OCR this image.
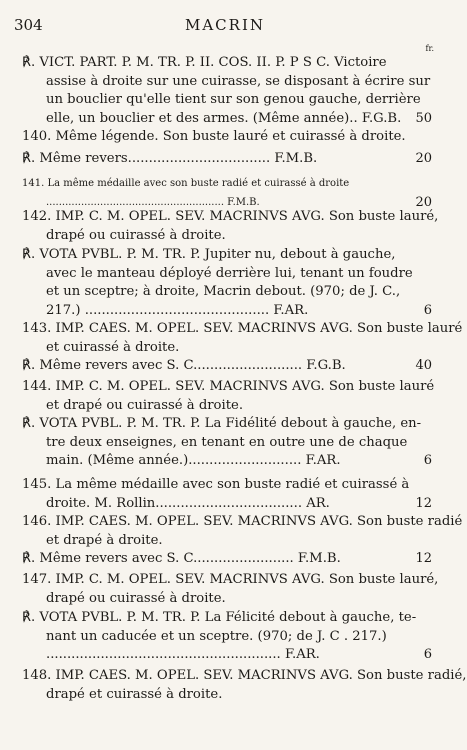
304	MACRIN
fr.
℟. VICT. PART. P. M. TR. P. II. COS. II. P. P S C. Victoire
assise à droite sur une cuirasse, se disposant à écrire sur
un bouclier qu'elle tient sur son genou gauche, derrière
elle, un bouclier et des armes. (Même année).. F.G.B. 50
140. Même légende. Son buste lauré et cuirassé à droite.
℟. Même revers.................................. F.M.B.	20
141. La même médaille avec son buste radié et cuirassé à droite
........................................................ F.M.B.	20
142. IMP. C. M. OPEL. SEV. MACRINVS AVG. Son buste lauré,
drapé ou cuirassé à droite.
℟. VOTA PVBL. P. M. TR. P. Jupiter nu, debout à gauche,
avec le manteau déployé derrière lui, tenant un foudre
et un sceptre; à droite, Macrin debout. (970; de J. C.,
217.) ............................................ F.AR.	6
143. IMP. CAES. M. OPEL. SEV. MACRINVS AVG. Son buste lauré
et cuirassé à droite.
℟. Même revers avec S. C.......................... F.G.B.	40
144. IMP. C. M. OPEL. SEV. MACRINVS AVG. Son buste lauré
et drapé ou cuirassé à droite.
℟. VOTA PVBL. P. M. TR. P. La Fidélité debout à gauche, en-
tre deux enseignes, en tenant en outre une de chaque
main. (Même année.)........................... F.AR.	6
145. La même médaille avec son buste radié et cuirassé à
droite. M. Rollin................................... AR.	12
146. IMP. CAES. M. OPEL. SEV. MACRINVS AVG. Son buste radié
et drapé à droite.
℟. Même revers avec S. C........................ F.M.B.	12
147. IMP. C. M. OPEL. SEV. MACRINVS AVG. Son buste lauré,
drapé ou cuirassé à droite.
℟. VOTA PVBL. P. M. TR. P. La Félicité debout à gauche, te-
nant un caducée et un sceptre. (970; de J. C . 217.)
........................................................ F.AR.	6
148. IMP. CAES. M. OPEL. SEV. MACRINVS AVG. Son buste radié,
drapé et cuirassé à droite.
